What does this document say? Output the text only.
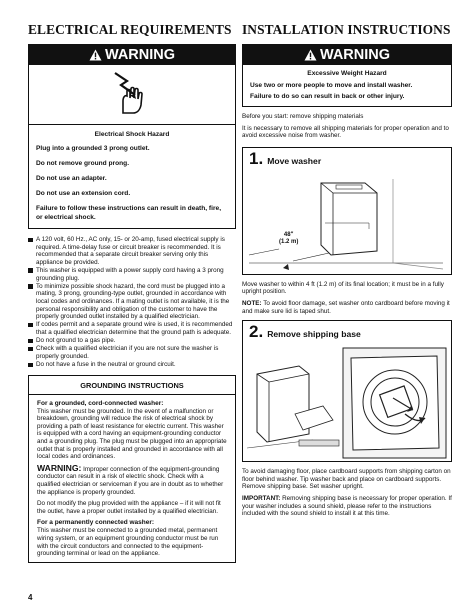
ELECTRICAL REQUIREMENTS
WARNING
Electrical Shock Hazard
Plug into a grounded 3 prong outlet.
Do not remove ground prong.
Do not use an adapter.
Do not use an extension cord.
Failure to follow these instructions can result in death, fire, or electrical shock.
A 120 volt, 60 Hz., AC only, 15- or 20-amp, fused electrical supply is required. A time-delay fuse or circuit breaker is recommended. It is recommended that a separate circuit breaker serving only this appliance be provided.
This washer is equipped with a power supply cord having a 3 prong grounding plug.
To minimize possible shock hazard, the cord must be plugged into a mating, 3 prong, grounding-type outlet, grounded in accordance with local codes and ordinances. If a mating outlet is not available, it is the personal responsibility and obligation of the customer to have the properly grounded outlet installed by a qualified electrician.
If codes permit and a separate ground wire is used, it is recommended that a qualified electrician determine that the ground path is adequate.
Do not ground to a gas pipe.
Check with a qualified electrician if you are not sure the washer is properly grounded.
Do not have a fuse in the neutral or ground circuit.
GROUNDING INSTRUCTIONS
For a grounded, cord-connected washer:
This washer must be grounded. In the event of a malfunction or breakdown, grounding will reduce the risk of electrical shock by providing a path of least resistance for electric current. This washer is equipped with a cord having an equipment-grounding conductor and a grounding plug. The plug must be plugged into an appropriate outlet that is properly installed and grounded in accordance with all local codes and ordinances.
WARNING: Improper connection of the equipment-grounding conductor can result in a risk of electric shock. Check with a qualified electrician or serviceman if you are in doubt as to whether the appliance is properly grounded.
Do not modify the plug provided with the appliance – if it will not fit the outlet, have a proper outlet installed by a qualified electrician.
For a permanently connected washer:
This washer must be connected to a grounded metal, permanent wiring system, or an equipment grounding conductor must be run with the circuit conductors and connected to the equipment-grounding terminal or lead on the appliance.
INSTALLATION INSTRUCTIONS
WARNING
Excessive Weight Hazard
Use two or more people to move and install washer.
Failure to do so can result in back or other injury.
Before you start: remove shipping materials
It is necessary to remove all shipping materials for proper operation and to avoid excessive noise from washer.
1. Move washer
48"
(1.2 m)
Move washer to within 4 ft (1.2 m) of its final location; it must be in a fully upright position.
NOTE: To avoid floor damage, set washer onto cardboard before moving it and make sure lid is taped shut.
2. Remove shipping base
To avoid damaging floor, place cardboard supports from shipping carton on floor behind washer. Tip washer back and place on cardboard supports. Remove shipping base. Set washer upright.
IMPORTANT: Removing shipping base is necessary for proper operation. If your washer includes a sound shield, please refer to the instructions included with the sound shield to install it at this time.
4
